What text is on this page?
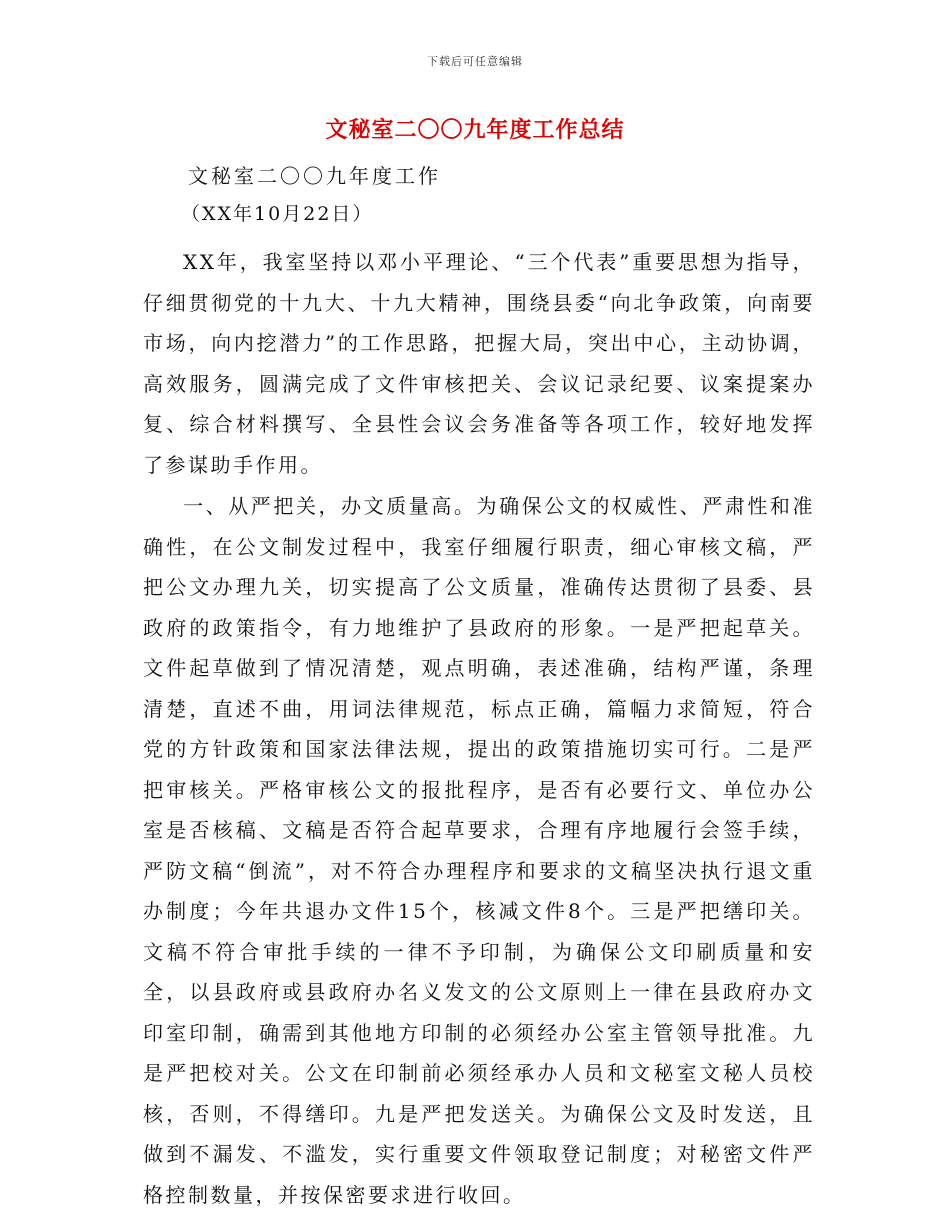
下载后可任意编辑
文秘室二〇〇九年度工作总结
文秘室二〇〇九年度工作
（XX年10月22日）

XX年，我室坚持以邓小平理论、“三个代表”重要思想为指导，仔细贯彻党的十九大、十九大精神，围绕县委“向北争政策，向南要市场，向内挖潜力”的工作思路，把握大局，突出中心，主动协调，高效服务，圆满完成了文件审核把关、会议记录纪要、议案提案办复、综合材料撰写、全县性会议会务准备等各项工作，较好地发挥了参谋助手作用。

一、从严把关，办文质量高。为确保公文的权威性、严肃性和准确性，在公文制发过程中，我室仔细履行职责，细心审核文稿，严把公文办理九关，切实提高了公文质量，准确传达贯彻了县委、县政府的政策指令，有力地维护了县政府的形象。一是严把起草关。文件起草做到了情况清楚，观点明确，表述准确，结构严谨，条理清楚，直述不曲，用词法律规范，标点正确，篇幅力求简短，符合党的方针政策和国家法律法规，提出的政策措施切实可行。二是严把审核关。严格审核公文的报批程序，是否有必要行文、单位办公室是否核稿、文稿是否符合起草要求，合理有序地履行会签手续，严防文稿“倒流”，对不符合办理程序和要求的文稿坚决执行退文重办制度；今年共退办文件15个，核减文件8个。三是严把缮印关。文稿不符合审批手续的一律不予印制，为确保公文印刷质量和安全，以县政府或县政府办名义发文的公文原则上一律在县政府办文印室印制，确需到其他地方印制的必须经办公室主管领导批准。九是严把校对关。公文在印制前必须经承办人员和文秘室文秘人员校核，否则，不得缮印。九是严把发送关。为确保公文及时发送，且做到不漏发、不滥发，实行重要文件领取登记制度；对秘密文件严格控制数量，并按保密要求进行收回。
